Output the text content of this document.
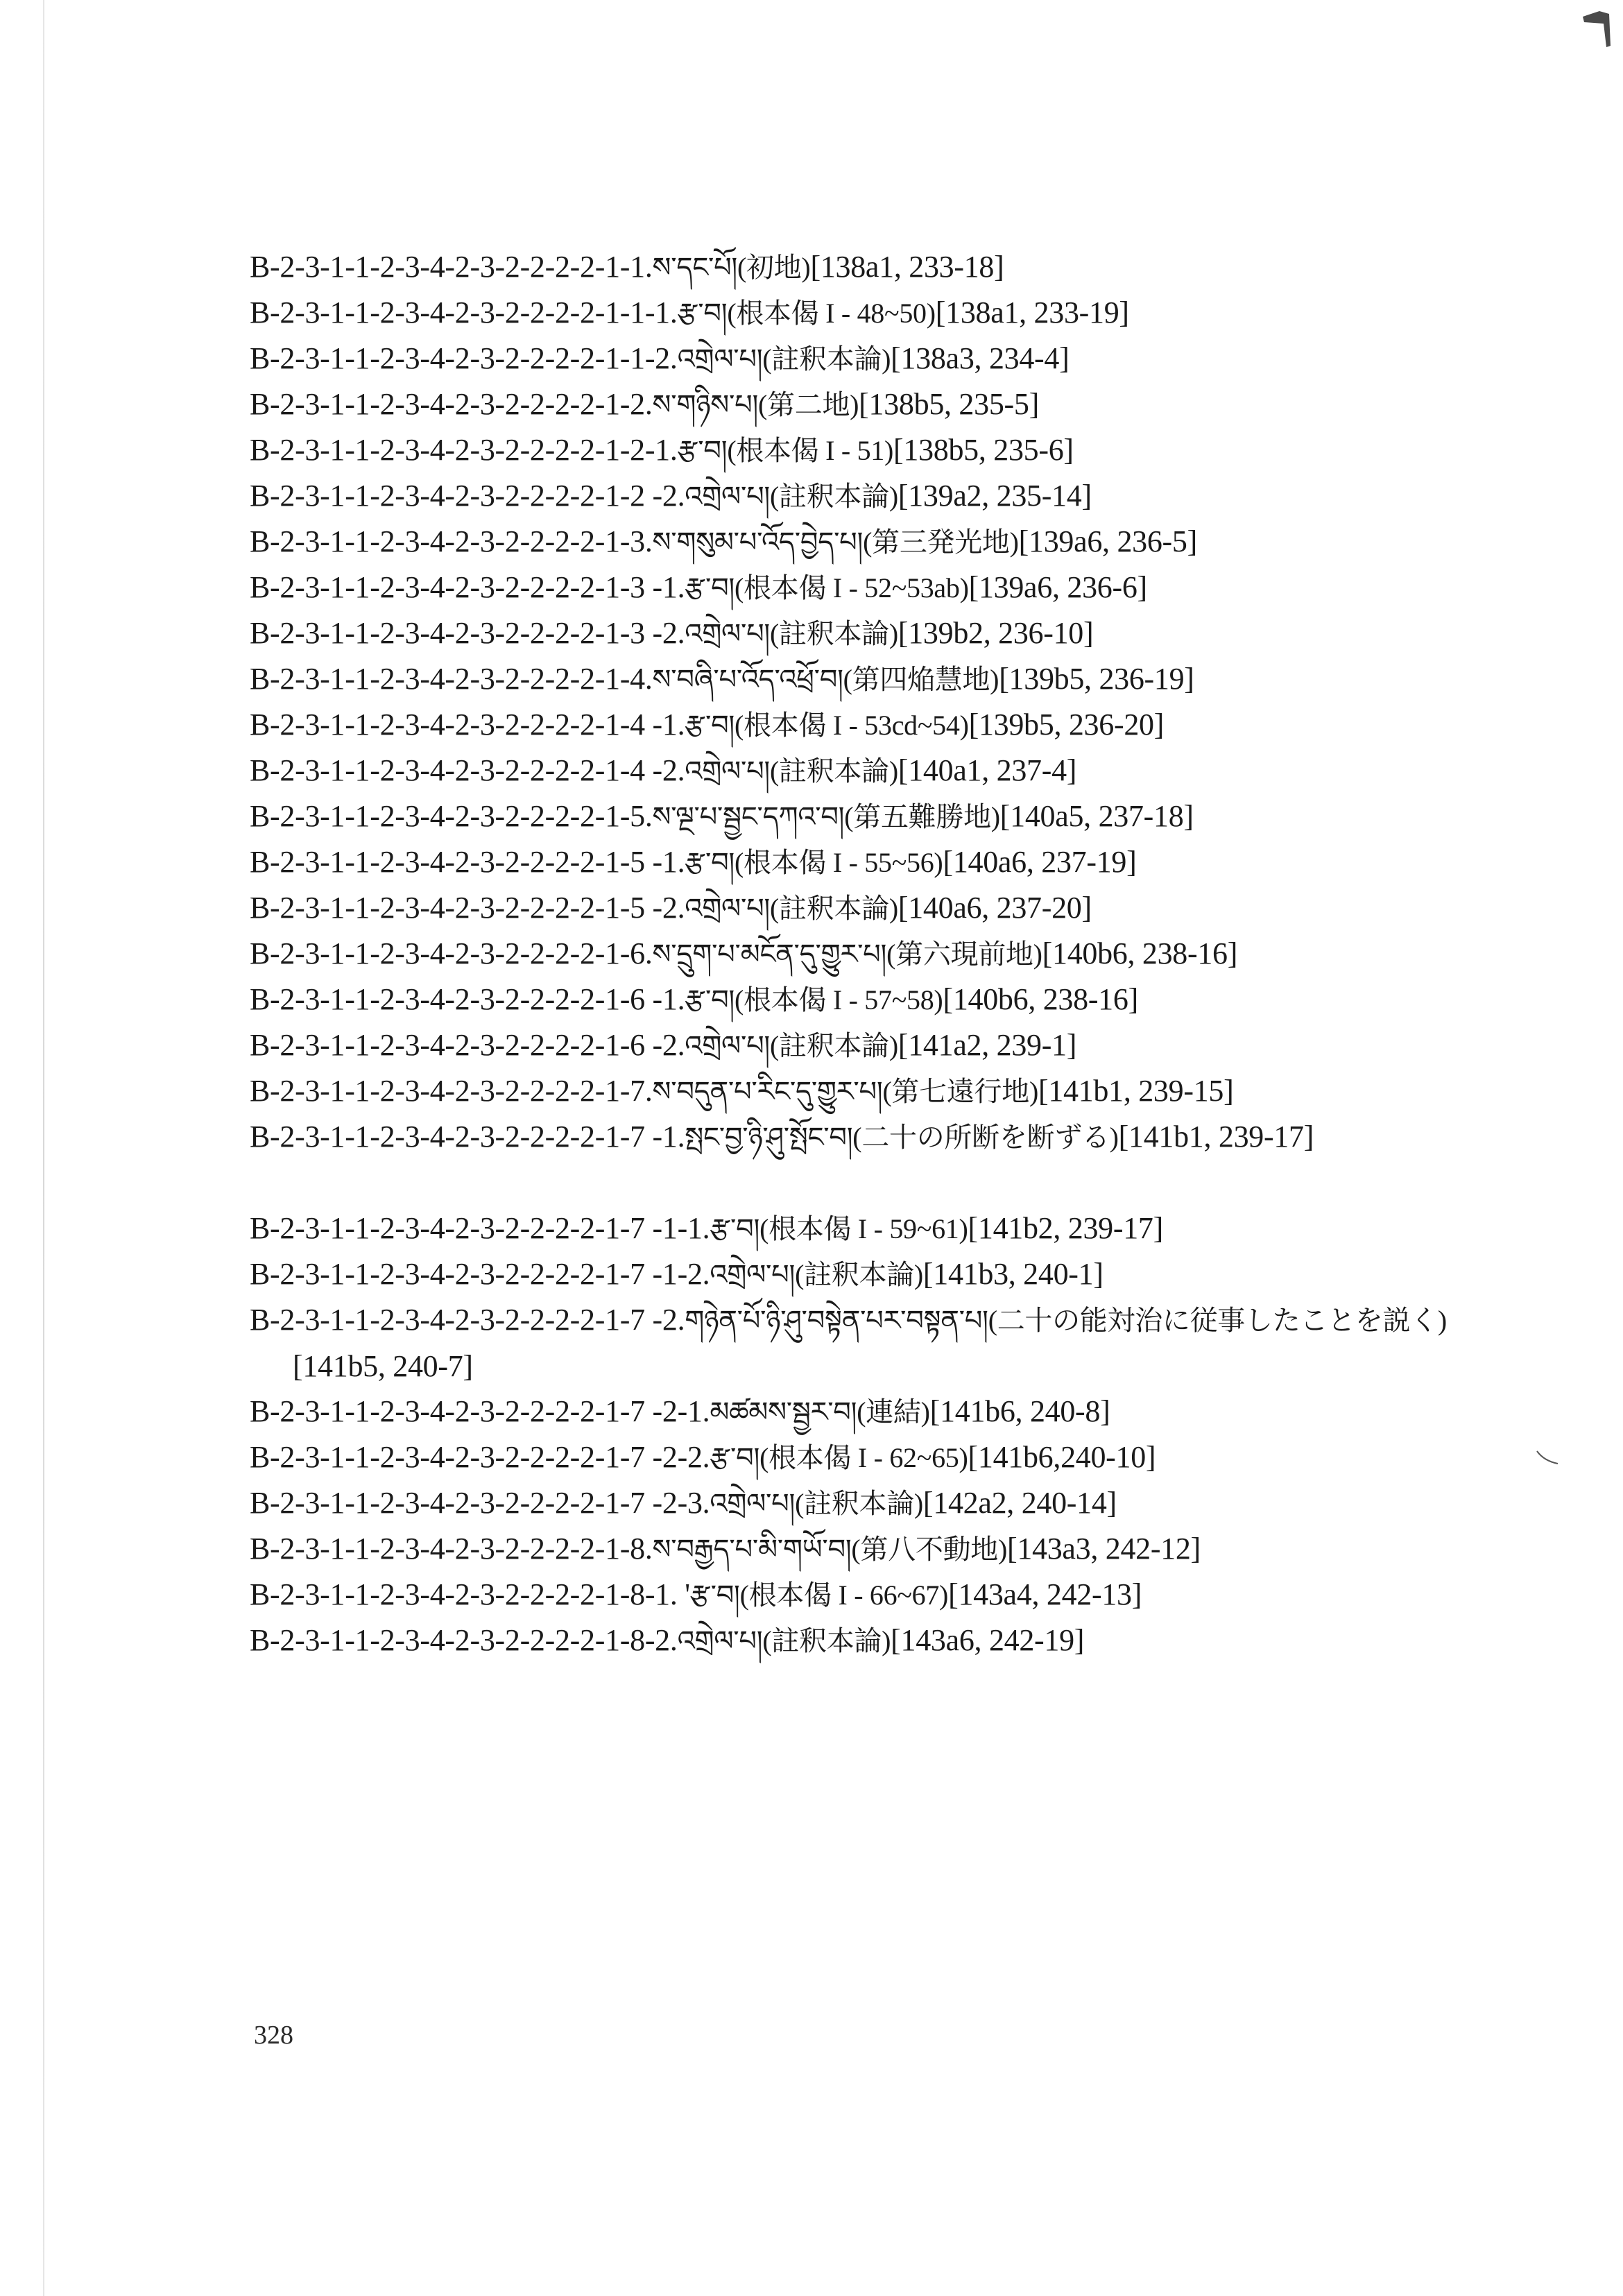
B-2-3-1-1-2-3-4-2-3-2-2-2-2-1-1.ས་དང་པོ།(初地)[138a1, 233-18]
B-2-3-1-1-2-3-4-2-3-2-2-2-2-1-1-1.རྩ་བ།(根本偈 I - 48~50)[138a1, 233-19]
B-2-3-1-1-2-3-4-2-3-2-2-2-2-1-1-2.འགྲེལ་པ།(註釈本論)[138a3, 234-4]
B-2-3-1-1-2-3-4-2-3-2-2-2-2-1-2.ས་གཉིས་པ།(第二地)[138b5, 235-5]
B-2-3-1-1-2-3-4-2-3-2-2-2-2-1-2-1.རྩ་བ།(根本偈 I - 51)[138b5, 235-6]
B-2-3-1-1-2-3-4-2-3-2-2-2-2-1-2 -2.འགྲེལ་པ།(註釈本論)[139a2, 235-14]
B-2-3-1-1-2-3-4-2-3-2-2-2-2-1-3.ས་གསུམ་པ་འོད་བྱེད་པ།(第三発光地)[139a6, 236-5]
B-2-3-1-1-2-3-4-2-3-2-2-2-2-1-3 -1.རྩ་བ།(根本偈 I - 52~53ab)[139a6, 236-6]
B-2-3-1-1-2-3-4-2-3-2-2-2-2-1-3 -2.འགྲེལ་པ།(註釈本論)[139b2, 236-10]
B-2-3-1-1-2-3-4-2-3-2-2-2-2-1-4.ས་བཞི་པ་འོད་འཕྲོ་བ།(第四焔慧地)[139b5, 236-19]
B-2-3-1-1-2-3-4-2-3-2-2-2-2-1-4 -1.རྩ་བ།(根本偈 I - 53cd~54)[139b5, 236-20]
B-2-3-1-1-2-3-4-2-3-2-2-2-2-1-4 -2.འགྲེལ་པ།(註釈本論)[140a1, 237-4]
B-2-3-1-1-2-3-4-2-3-2-2-2-2-1-5.ས་ལྔ་པ་སྦྱང་དཀའ་བ།(第五難勝地)[140a5, 237-18]
B-2-3-1-1-2-3-4-2-3-2-2-2-2-1-5 -1.རྩ་བ།(根本偈 I - 55~56)[140a6, 237-19]
B-2-3-1-1-2-3-4-2-3-2-2-2-2-1-5 -2.འགྲེལ་པ།(註釈本論)[140a6, 237-20]
B-2-3-1-1-2-3-4-2-3-2-2-2-2-1-6.ས་དྲུག་པ་མངོན་དུ་གྱུར་པ།(第六現前地)[140b6, 238-16]
B-2-3-1-1-2-3-4-2-3-2-2-2-2-1-6 -1.རྩ་བ།(根本偈 I - 57~58)[140b6, 238-16]
B-2-3-1-1-2-3-4-2-3-2-2-2-2-1-6 -2.འགྲེལ་པ།(註釈本論)[141a2, 239-1]
B-2-3-1-1-2-3-4-2-3-2-2-2-2-1-7.ས་བདུན་པ་རིང་དུ་གྱུར་པ།(第七遠行地)[141b1, 239-15]
B-2-3-1-1-2-3-4-2-3-2-2-2-2-1-7 -1.སྤང་བྱ་ཉི་ཤུ་སྤོང་བ།(二十の所断を断ずる)[141b1, 239-17]
B-2-3-1-1-2-3-4-2-3-2-2-2-2-1-7 -1-1.རྩ་བ།(根本偈 I - 59~61)[141b2, 239-17]
B-2-3-1-1-2-3-4-2-3-2-2-2-2-1-7 -1-2.འགྲེལ་པ།(註釈本論)[141b3, 240-1]
B-2-3-1-1-2-3-4-2-3-2-2-2-2-1-7 -2.གཉེན་པོ་ཉི་ཤུ་བསྟེན་པར་བསྟན་པ།(二十の能対治に従事したことを説く)[141b5, 240-7]
B-2-3-1-1-2-3-4-2-3-2-2-2-2-1-7 -2-1.མཚམས་སྦྱར་བ།(連結)[141b6, 240-8]
B-2-3-1-1-2-3-4-2-3-2-2-2-2-1-7 -2-2.རྩ་བ།(根本偈 I - 62~65)[141b6,240-10]
B-2-3-1-1-2-3-4-2-3-2-2-2-2-1-7 -2-3.འགྲེལ་པ།(註釈本論)[142a2, 240-14]
B-2-3-1-1-2-3-4-2-3-2-2-2-2-1-8.ས་བརྒྱད་པ་མི་གཡོ་བ།(第八不動地)[143a3, 242-12]
B-2-3-1-1-2-3-4-2-3-2-2-2-2-1-8-1. 'རྩ་བ།(根本偈 I - 66~67)[143a4, 242-13]
B-2-3-1-1-2-3-4-2-3-2-2-2-2-1-8-2.འགྲེལ་པ།(註釈本論)[143a6, 242-19]
328
